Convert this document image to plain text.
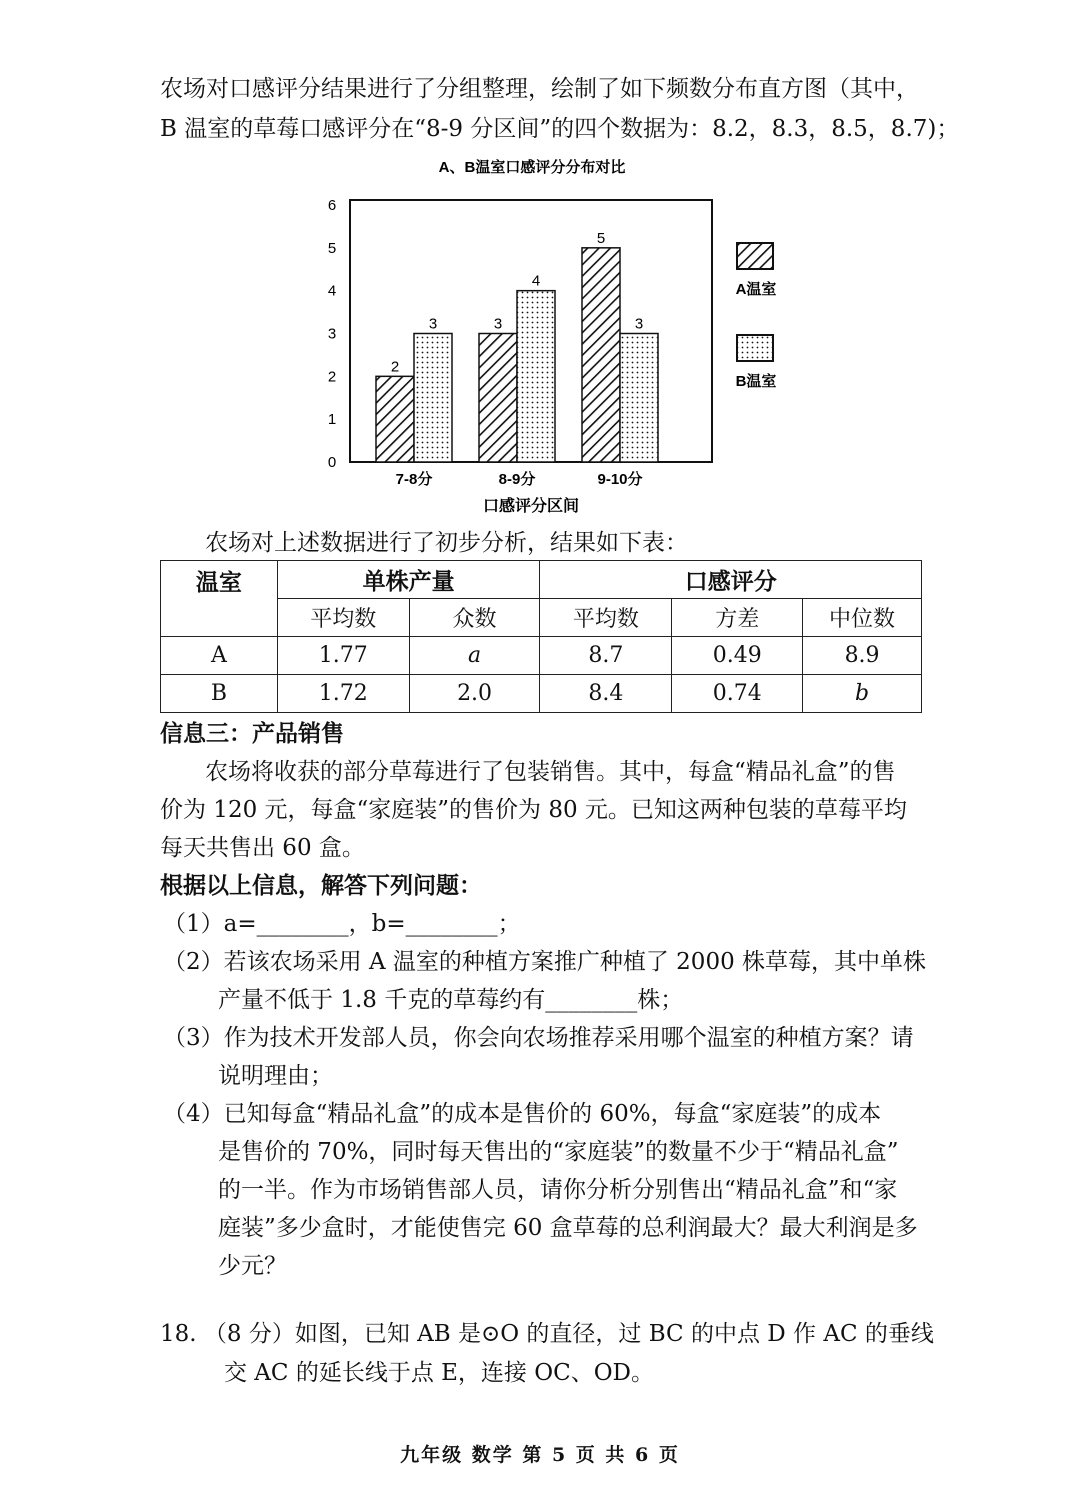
农场对口感评分结果进行了分组整理，绘制了如下频数分布直方图（其中，
B 温室的草莓口感评分在“8-9 分区间”的四个数据为：8.2，8.3，8.5，8.7)；
A、B温室口感评分分布对比
0
1
2
3
4
5
6
2
3	3
4
5
3
7-8分	8-9分	9-10分
口感评分区间
A温室
B温室
农场对上述数据进行了初步分析，结果如下表：
温室	单株产量		口感评分		
	平均数	众数	平均数	方差	中位数
A	1.77	a	8.7	0.49	8.9
B	1.72	2.0	8.4	0.74	b
信息三：产品销售
农场将收获的部分草莓进行了包装销售。其中，每盒“精品礼盒”的售
价为 120 元，每盒“家庭装”的售价为 80 元。已知这两种包装的草莓平均
每天共售出 60 盒。
根据以上信息，解答下列问题：
（1）a=________，b=________；
（2）若该农场采用 A 温室的种植方案推广种植了 2000 株草莓，其中单株
产量不低于 1.8 千克的草莓约有________株；
（3）作为技术开发部人员，你会向农场推荐采用哪个温室的种植方案？请
说明理由；
（4）已知每盒“精品礼盒”的成本是售价的 60%，每盒“家庭装”的成本
是售价的 70%，同时每天售出的“家庭装”的数量不少于“精品礼盒”
的一半。作为市场销售部人员，请你分析分别售出“精品礼盒”和“家
庭装”多少盒时，才能使售完 60 盒草莓的总利润最大？最大利润是多
少元？
18. （8 分）如图，已知 AB 是⊙O 的直径，过 BC 的中点 D 作 AC 的垂线
交 AC 的延长线于点 E，连接 OC、OD。
九年级 数学 第 5 页 共 6 页
